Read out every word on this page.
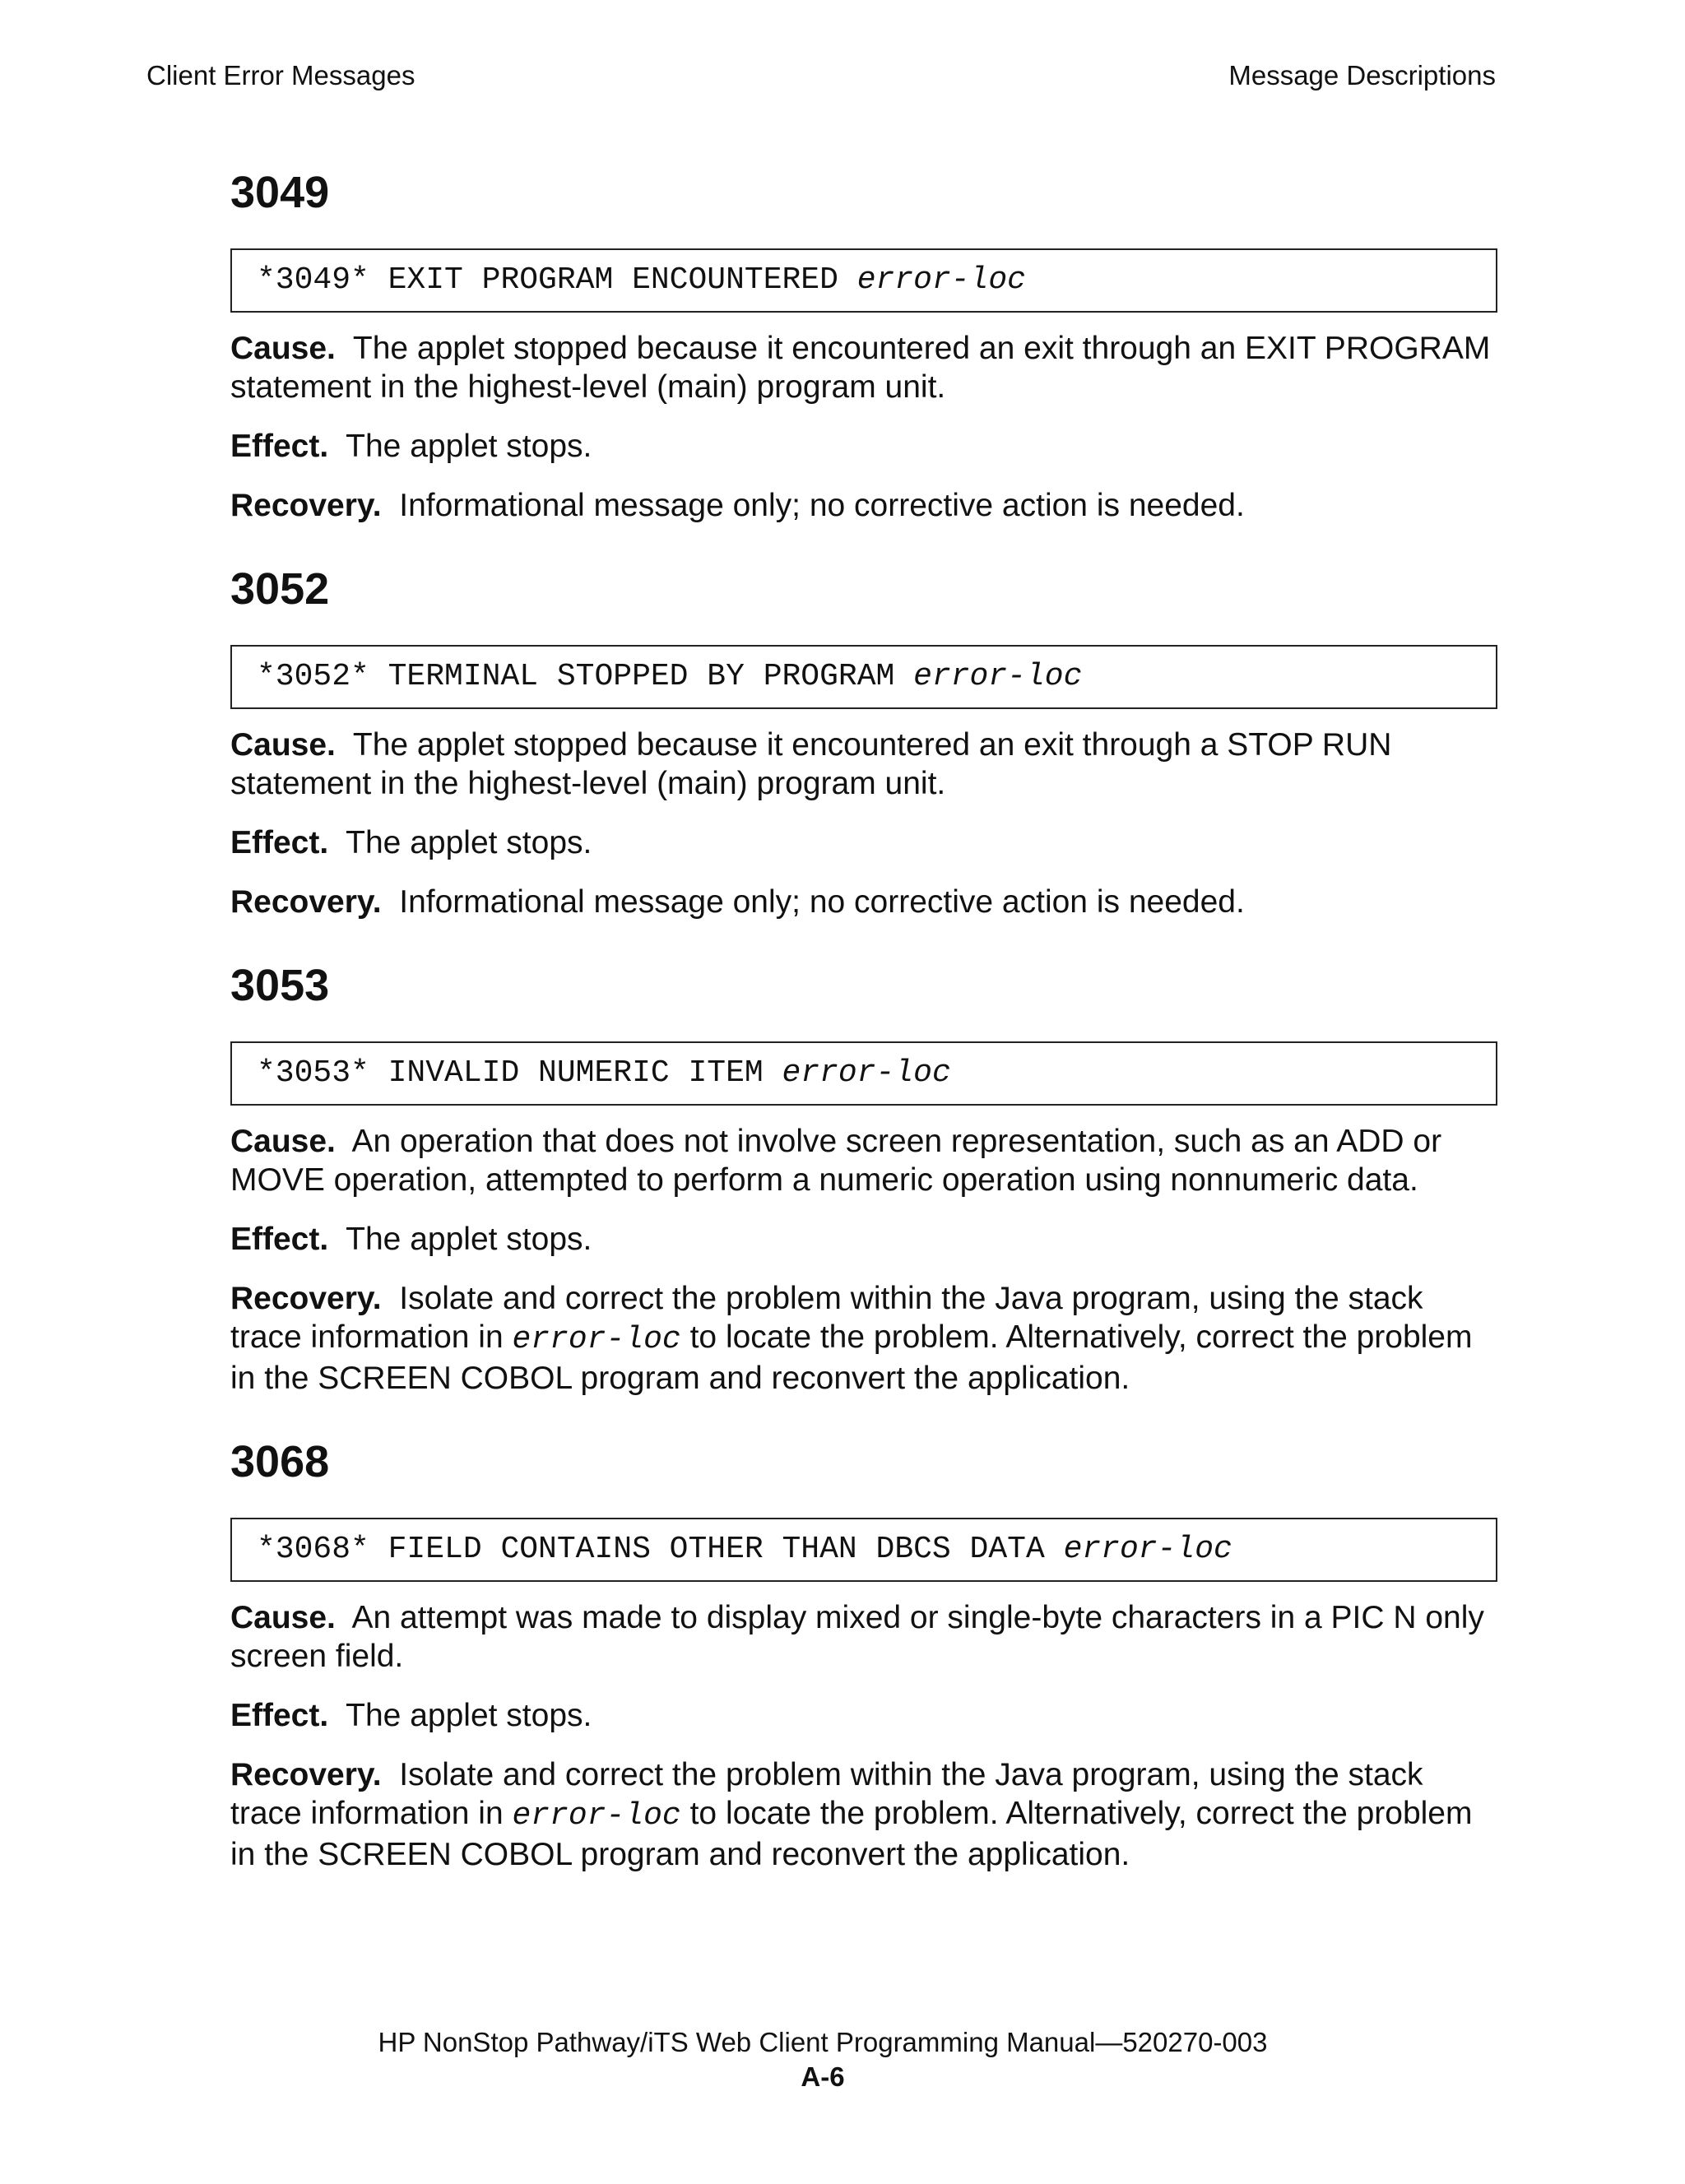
Client Error Messages	Message Descriptions
3049
*3049* EXIT PROGRAM ENCOUNTERED error-loc

Cause. The applet stopped because it encountered an exit through an EXIT PROGRAM statement in the highest-level (main) program unit.

Effect. The applet stops.

Recovery. Informational message only; no corrective action is needed.

3052
*3052* TERMINAL STOPPED BY PROGRAM error-loc

Cause. The applet stopped because it encountered an exit through a STOP RUN statement in the highest-level (main) program unit.

Effect. The applet stops.

Recovery. Informational message only; no corrective action is needed.

3053
*3053* INVALID NUMERIC ITEM error-loc

Cause. An operation that does not involve screen representation, such as an ADD or MOVE operation, attempted to perform a numeric operation using nonnumeric data.

Effect. The applet stops.

Recovery. Isolate and correct the problem within the Java program, using the stack trace information in error-loc to locate the problem. Alternatively, correct the problem in the SCREEN COBOL program and reconvert the application.

3068
*3068* FIELD CONTAINS OTHER THAN DBCS DATA error-loc

Cause. An attempt was made to display mixed or single-byte characters in a PIC N only screen field.

Effect. The applet stops.

Recovery. Isolate and correct the problem within the Java program, using the stack trace information in error-loc to locate the problem. Alternatively, correct the problem in the SCREEN COBOL program and reconvert the application.

HP NonStop Pathway/iTS Web Client Programming Manual—520270-003
A-6
